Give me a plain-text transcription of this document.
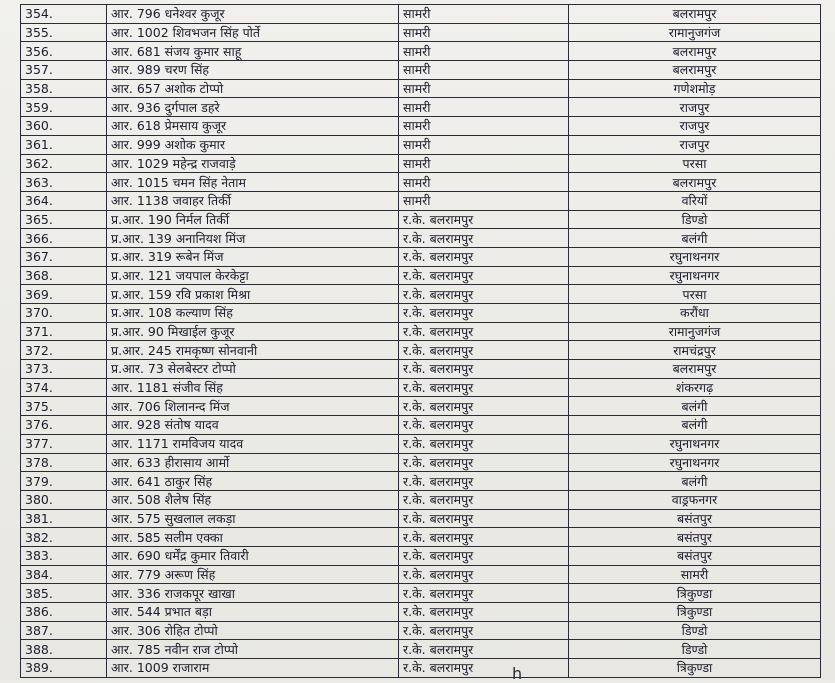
354.	आर. 796 धनेश्वर कुजूर	सामरी	बलरामपुर
355.	आर. 1002 शिवभजन सिंह पोर्ते	सामरी	रामानुजगंज
356.	आर. 681 संजय कुमार साहू	सामरी	बलरामपुर
357.	आर. 989 चरण सिंह	सामरी	बलरामपुर
358.	आर. 657 अशोक टोप्पो	सामरी	गणेशमोड़
359.	आर. 936 दुर्गपाल डहरे	सामरी	राजपुर
360.	आर. 618 प्रेमसाय कुजूर	सामरी	राजपुर
361.	आर. 999 अशोक कुमार	सामरी	राजपुर
362.	आर. 1029 महेन्द्र राजवाड़े	सामरी	परसा
363.	आर. 1015 चमन सिंह नेताम	सामरी	बलरामपुर
364.	आर. 1138 जवाहर तिर्की	सामरी	वरियों
365.	प्र.आर. 190 निर्मल तिर्की	र.के. बलरामपुर	डिण्डो
366.	प्र.आर. 139 अनानियश मिंज	र.के. बलरामपुर	बलंगी
367.	प्र.आर. 319 रूबेन मिंज	र.के. बलरामपुर	रघुनाथनगर
368.	प्र.आर. 121 जयपाल केरकेट्टा	र.के. बलरामपुर	रघुनाथनगर
369.	प्र.आर. 159 रवि प्रकाश मिश्रा	र.के. बलरामपुर	परसा
370.	प्र.आर. 108 कल्याण सिंह	र.के. बलरामपुर	करौंधा
371.	प्र.आर. 90 मिखाईल कुजूर	र.के. बलरामपुर	रामानुजगंज
372.	प्र.आर. 245 रामकृष्ण सोनवानी	र.के. बलरामपुर	रामचंद्रपुर
373.	प्र.आर. 73 सेलबेस्टर टोप्पो	र.के. बलरामपुर	बलरामपुर
374.	आर. 1181 संजीव सिंह	र.के. बलरामपुर	शंकरगढ़
375.	आर. 706 शिलानन्द मिंज	र.के. बलरामपुर	बलंगी
376.	आर. 928 संतोष यादव	र.के. बलरामपुर	बलंगी
377.	आर. 1171 रामविजय यादव	र.के. बलरामपुर	रघुनाथनगर
378.	आर. 633 हीरासाय आर्मो	र.के. बलरामपुर	रघुनाथनगर
379.	आर. 641 ठाकुर सिंह	र.के. बलरामपुर	बलंगी
380.	आर. 508 शैलेष सिंह	र.के. बलरामपुर	वाड्रफनगर
381.	आर. 575 सुखलाल लकड़ा	र.के. बलरामपुर	बसंतपुर
382.	आर. 585 सलीम एक्का	र.के. बलरामपुर	बसंतपुर
383.	आर. 690 धर्मेंद्र कुमार तिवारी	र.के. बलरामपुर	बसंतपुर
384.	आर. 779 अरूण सिंह	र.के. बलरामपुर	सामरी
385.	आर. 336 राजकपूर खाखा	र.के. बलरामपुर	त्रिकुण्डा
386.	आर. 544 प्रभात बड़ा	र.के. बलरामपुर	त्रिकुण्डा
387.	आर. 306 रोहित टोप्पो	र.के. बलरामपुर	डिण्डो
388.	आर. 785 नवीन राज टोप्पो	र.के. बलरामपुर	डिण्डो
389.	आर. 1009 राजाराम	र.के. बलरामपुर	त्रिकुण्डा
h
